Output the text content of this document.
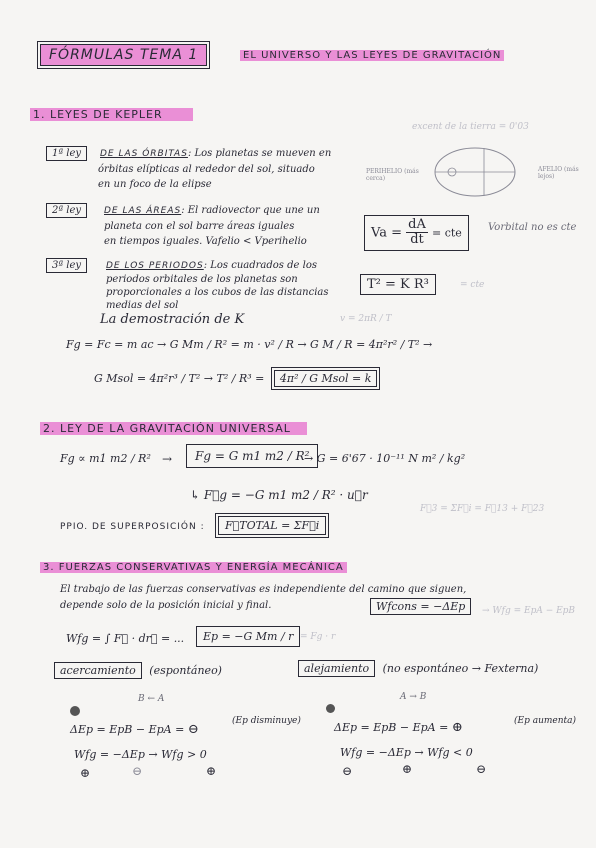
FÓRMULAS TEMA 1	EL UNIVERSO Y LAS LEYES DE GRAVITACIÓN
1. LEYES DE KEPLER
excent de la tierra = 0'03
PERIHELIO (más cerca)
AFELIO (más lejos)
1ª ley	DE LAS ÓRBITAS: Los planetas se mueven en
órbitas elípticas al rededor del sol, situado
en un foco de la elipse
2ª ley	DE LAS ÁREAS: El radiovector que une un
planeta con el sol barre áreas iguales
en tiempos iguales. Vafelio < Vperihelio
$Va = \frac{dA}{dt}$ = cte	Vorbital no es cte
3ª ley	DE LOS PERIODOS: Los cuadrados de los
periodos orbitales de los planetas son
proporcionales a los cubos de las distancias
medias del sol
T² = K R³	= cte
La demostración de K	v = 2πR / T
Fg = Fc = m ac → G Mm / R² = m · v² / R → G M / R = 4π²r² / T² →
G Msol = 4π²r³ / T² → T² / R³ = 4π² / G Msol = k
2. LEY DE LA GRAVITACIÓN UNIVERSAL
Fg ∝ m1 m2 / R² →	Fg = G m1 m2 / R²
→ G = 6'67 · 10⁻¹¹ N m² / kg²
↳ F⃗g = −G m1 m2 / R² · u⃗r
PPIO. DE SUPERPOSICIÓN :	F⃗TOTAL = ΣF⃗i
F⃗3 = ΣF⃗i = F⃗13 + F⃗23
3. FUERZAS CONSERVATIVAS Y ENERGÍA MECÁNICA
El trabajo de las fuerzas conservativas es independiente del camino que siguen,
depende solo de la posición inicial y final.	Wfcons = −ΔEp	→ Wfg = EpA − EpB
Wfg = ∫ F⃗ · dr⃗ = ...	Ep = −G Mm / r = Fg · r
acercamiento (espontáneo)
B ← A
ΔEp = EpB − EpA = ⊖
(Ep disminuye)
Wfg = −ΔEp → Wfg > 0
⊕	⊖	⊕
alejamiento (no espontáneo → Fexterna)
A → B
ΔEp = EpB − EpA = ⊕	(Ep aumenta)
Wfg = −ΔEp → Wfg < 0
⊖	⊕	⊖
